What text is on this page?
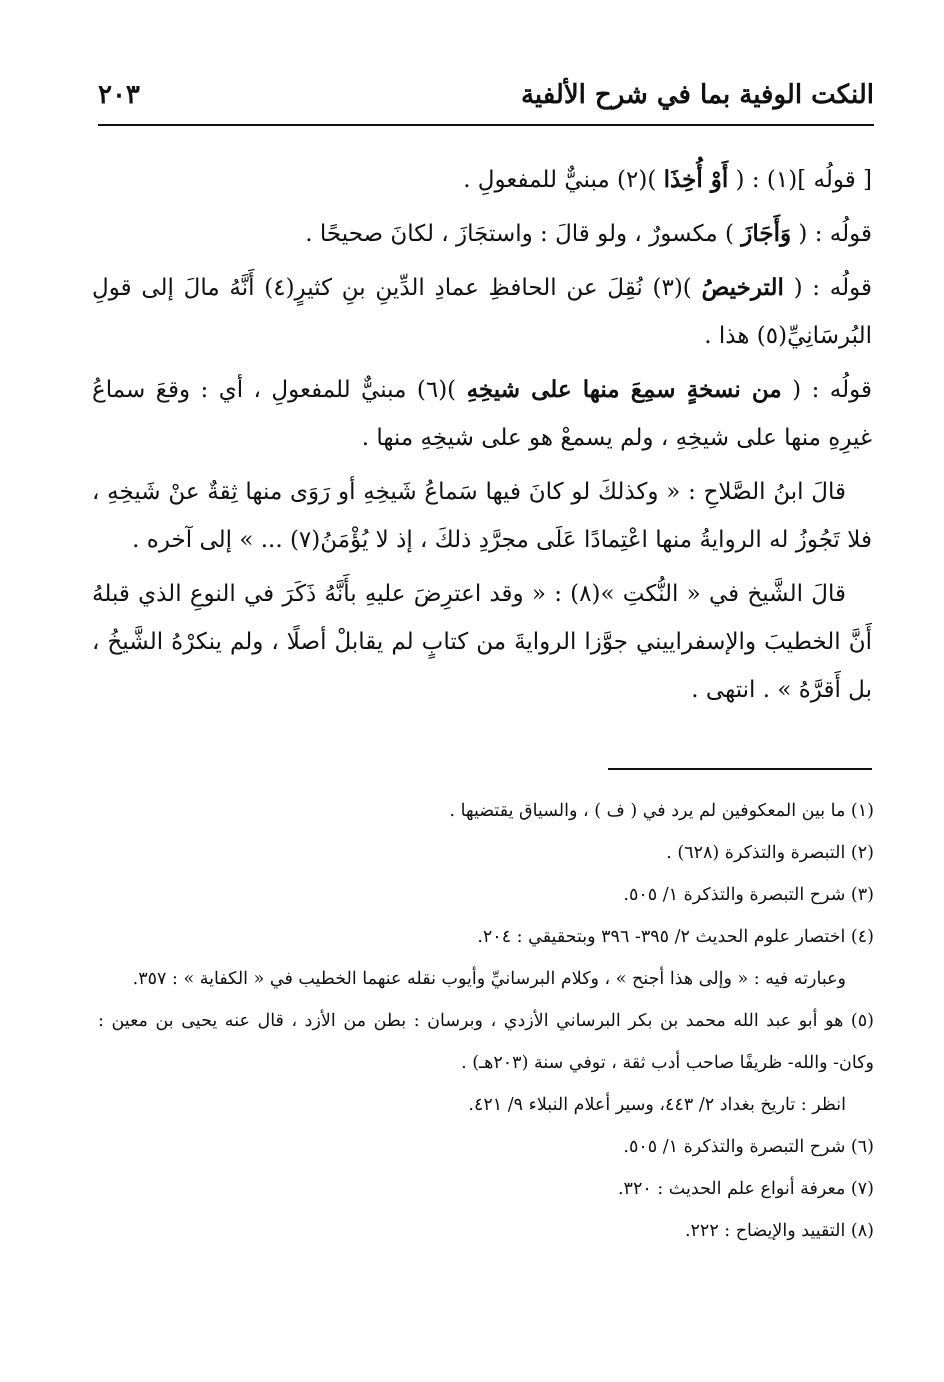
النكت الوفية بما في شرح الألفية
٢٠٣

[ قولُه ](١) : ( أَوْ أُخِذَا )(٢) مبنيٌّ للمفعولِ .

قولُه : ( وَأَجَازَ ) مكسورٌ ، ولو قالَ : واستجَازَ ، لكانَ صحيحًا .

قولُه : ( الترخيصُ )(٣) نُقِلَ عن الحافظِ عمادِ الدِّينِ بنِ كثيرٍ(٤) أَنَّهُ مالَ إلى قولِ البُرسَانِيِّ(٥) هذا .

قولُه : ( من نسخةٍ سمِعَ منها على شيخِهِ )(٦) مبنيٌّ للمفعولِ ، أي : وقعَ سماعُ غيرِهِ منها على شيخِهِ ، ولم يسمعْ هو على شيخِهِ منها .

قالَ ابنُ الصَّلاحِ : « وكذلكَ لو كانَ فيها سَماعُ شَيخِهِ أو رَوَى منها ثِقةٌ عنْ شَيخِهِ ، فلا تَجُوزُ له الروايةُ منها اعْتِمادًا عَلَى مجرَّدِ ذلكَ ، إذ لا يُؤْمَنُ(٧) ... » إلى آخره .

قالَ الشَّيخ في « النُّكتِ »(٨) : « وقد اعترِضَ عليهِ بأَنَّهُ ذَكَرَ في النوعِ الذي قبلهُ أَنَّ الخطيبَ والإسفراييني جوَّزا الروايةَ من كتابٍ لم يقابلْ أصلًا ، ولم ينكرْهُ الشَّيخُ ، بل أَقرَّهُ » . انتهى .

(١) ما بين المعكوفين لم يرد في ( ف ) ، والسياق يقتضيها .

(٢) التبصرة والتذكرة (٦٢٨) .

(٣) شرح التبصرة والتذكرة ١/ ٥٠٥.

(٤) اختصار علوم الحديث ٢/ ٣٩٥- ٣٩٦ وبتحقيقي : ٢٠٤.

وعبارته فيه : « وإلى هذا أجنح » ، وكلام البرسانيِّ وأيوب نقله عنهما الخطيب في « الكفاية » : ٣٥٧.

(٥) هو أبو عبد الله محمد بن بكر البرساني الأزدي ، وبرسان : بطن من الأزد ، قال عنه يحيى بن معين : وكان- والله- ظريفًا صاحب أدب ثقة ، توفي سنة (٢٠٣هـ) .

انظر : تاريخ بغداد ٢/ ٤٤٣، وسير أعلام النبلاء ٩/ ٤٢١.

(٦) شرح التبصرة والتذكرة ١/ ٥٠٥.

(٧) معرفة أنواع علم الحديث : ٣٢٠.

(٨) التقييد والإيضاح : ٢٢٢.
